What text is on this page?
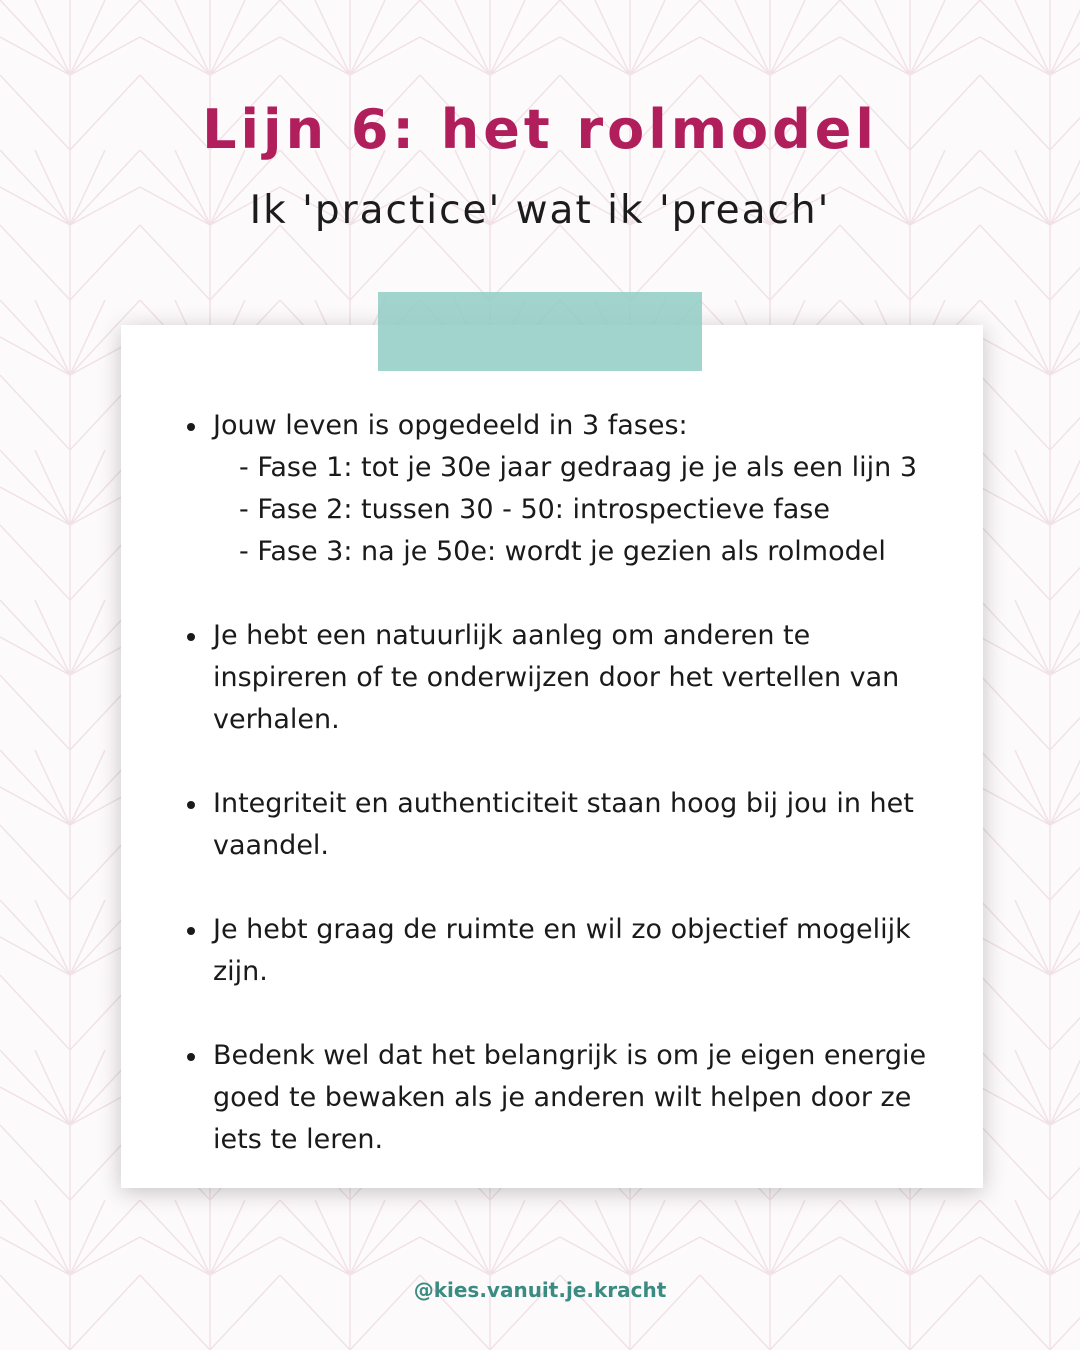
Lijn 6: het rolmodel

Ik 'practice' wat ik 'preach'

Jouw leven is opgedeeld in 3 fases:
- Fase 1: tot je 30e jaar gedraag je je als een lijn 3
- Fase 2: tussen 30 - 50: introspectieve fase
- Fase 3: na je 50e: wordt je gezien als rolmodel
Je hebt een natuurlijk aanleg om anderen te inspireren of te onderwijzen door het vertellen van verhalen.
Integriteit en authenticiteit staan hoog bij jou in het vaandel.
Je hebt graag de ruimte en wil zo objectief mogelijk zijn.
Bedenk wel dat het belangrijk is om je eigen energie goed te bewaken als je anderen wilt helpen door ze iets te leren.
@kies.vanuit.je.kracht
